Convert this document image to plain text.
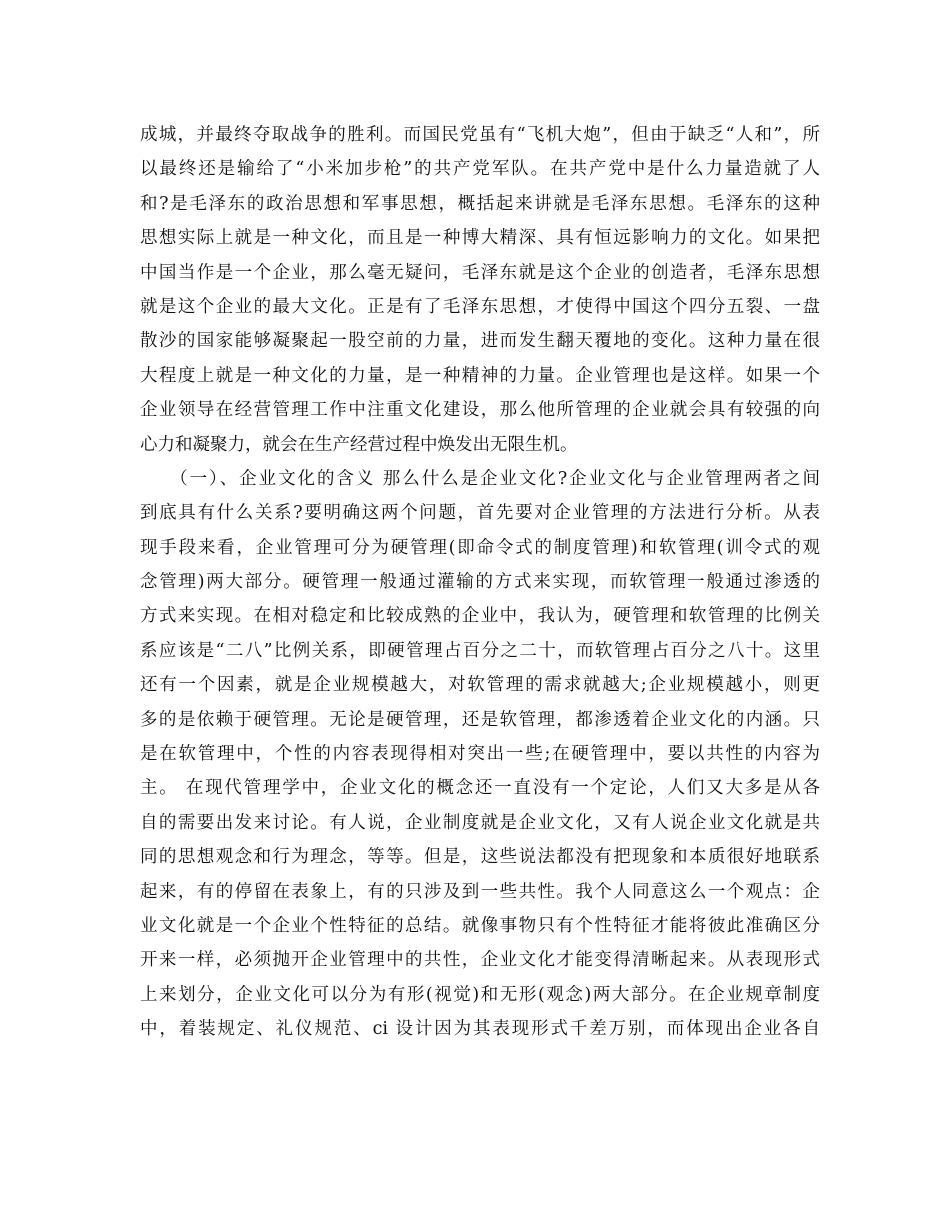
成城，并最终夺取战争的胜利。而国民党虽有“飞机大炮”，但由于缺乏“人和”，所
以最终还是输给了“小米加步枪”的共产党军队。在共产党中是什么力量造就了人
和?是毛泽东的政治思想和军事思想，概括起来讲就是毛泽东思想。毛泽东的这种
思想实际上就是一种文化，而且是一种博大精深、具有恒远影响力的文化。如果把
中国当作是一个企业，那么毫无疑问，毛泽东就是这个企业的创造者，毛泽东思想
就是这个企业的最大文化。正是有了毛泽东思想，才使得中国这个四分五裂、一盘
散沙的国家能够凝聚起一股空前的力量，进而发生翻天覆地的变化。这种力量在很
大程度上就是一种文化的力量，是一种精神的力量。企业管理也是这样。如果一个
企业领导在经营管理工作中注重文化建设，那么他所管理的企业就会具有较强的向
心力和凝聚力，就会在生产经营过程中焕发出无限生机。
　　（一）、企业文化的含义 那么什么是企业文化?企业文化与企业管理两者之间
到底具有什么关系?要明确这两个问题，首先要对企业管理的方法进行分析。从表
现手段来看，企业管理可分为硬管理(即命令式的制度管理)和软管理(训令式的观
念管理)两大部分。硬管理一般通过灌输的方式来实现，而软管理一般通过渗透的
方式来实现。在相对稳定和比较成熟的企业中，我认为，硬管理和软管理的比例关
系应该是“二八”比例关系，即硬管理占百分之二十，而软管理占百分之八十。这里
还有一个因素，就是企业规模越大，对软管理的需求就越大;企业规模越小，则更
多的是依赖于硬管理。无论是硬管理，还是软管理，都渗透着企业文化的内涵。只
是在软管理中，个性的内容表现得相对突出一些;在硬管理中，要以共性的内容为
主。 在现代管理学中，企业文化的概念还一直没有一个定论，人们又大多是从各
自的需要出发来讨论。有人说，企业制度就是企业文化，又有人说企业文化就是共
同的思想观念和行为理念，等等。但是，这些说法都没有把现象和本质很好地联系
起来，有的停留在表象上，有的只涉及到一些共性。我个人同意这么一个观点：企
业文化就是一个企业个性特征的总结。就像事物只有个性特征才能将彼此准确区分
开来一样，必须抛开企业管理中的共性，企业文化才能变得清晰起来。从表现形式
上来划分，企业文化可以分为有形(视觉)和无形(观念)两大部分。在企业规章制度
中，着装规定、礼仪规范、ci 设计因为其表现形式千差万别，而体现出企业各自
